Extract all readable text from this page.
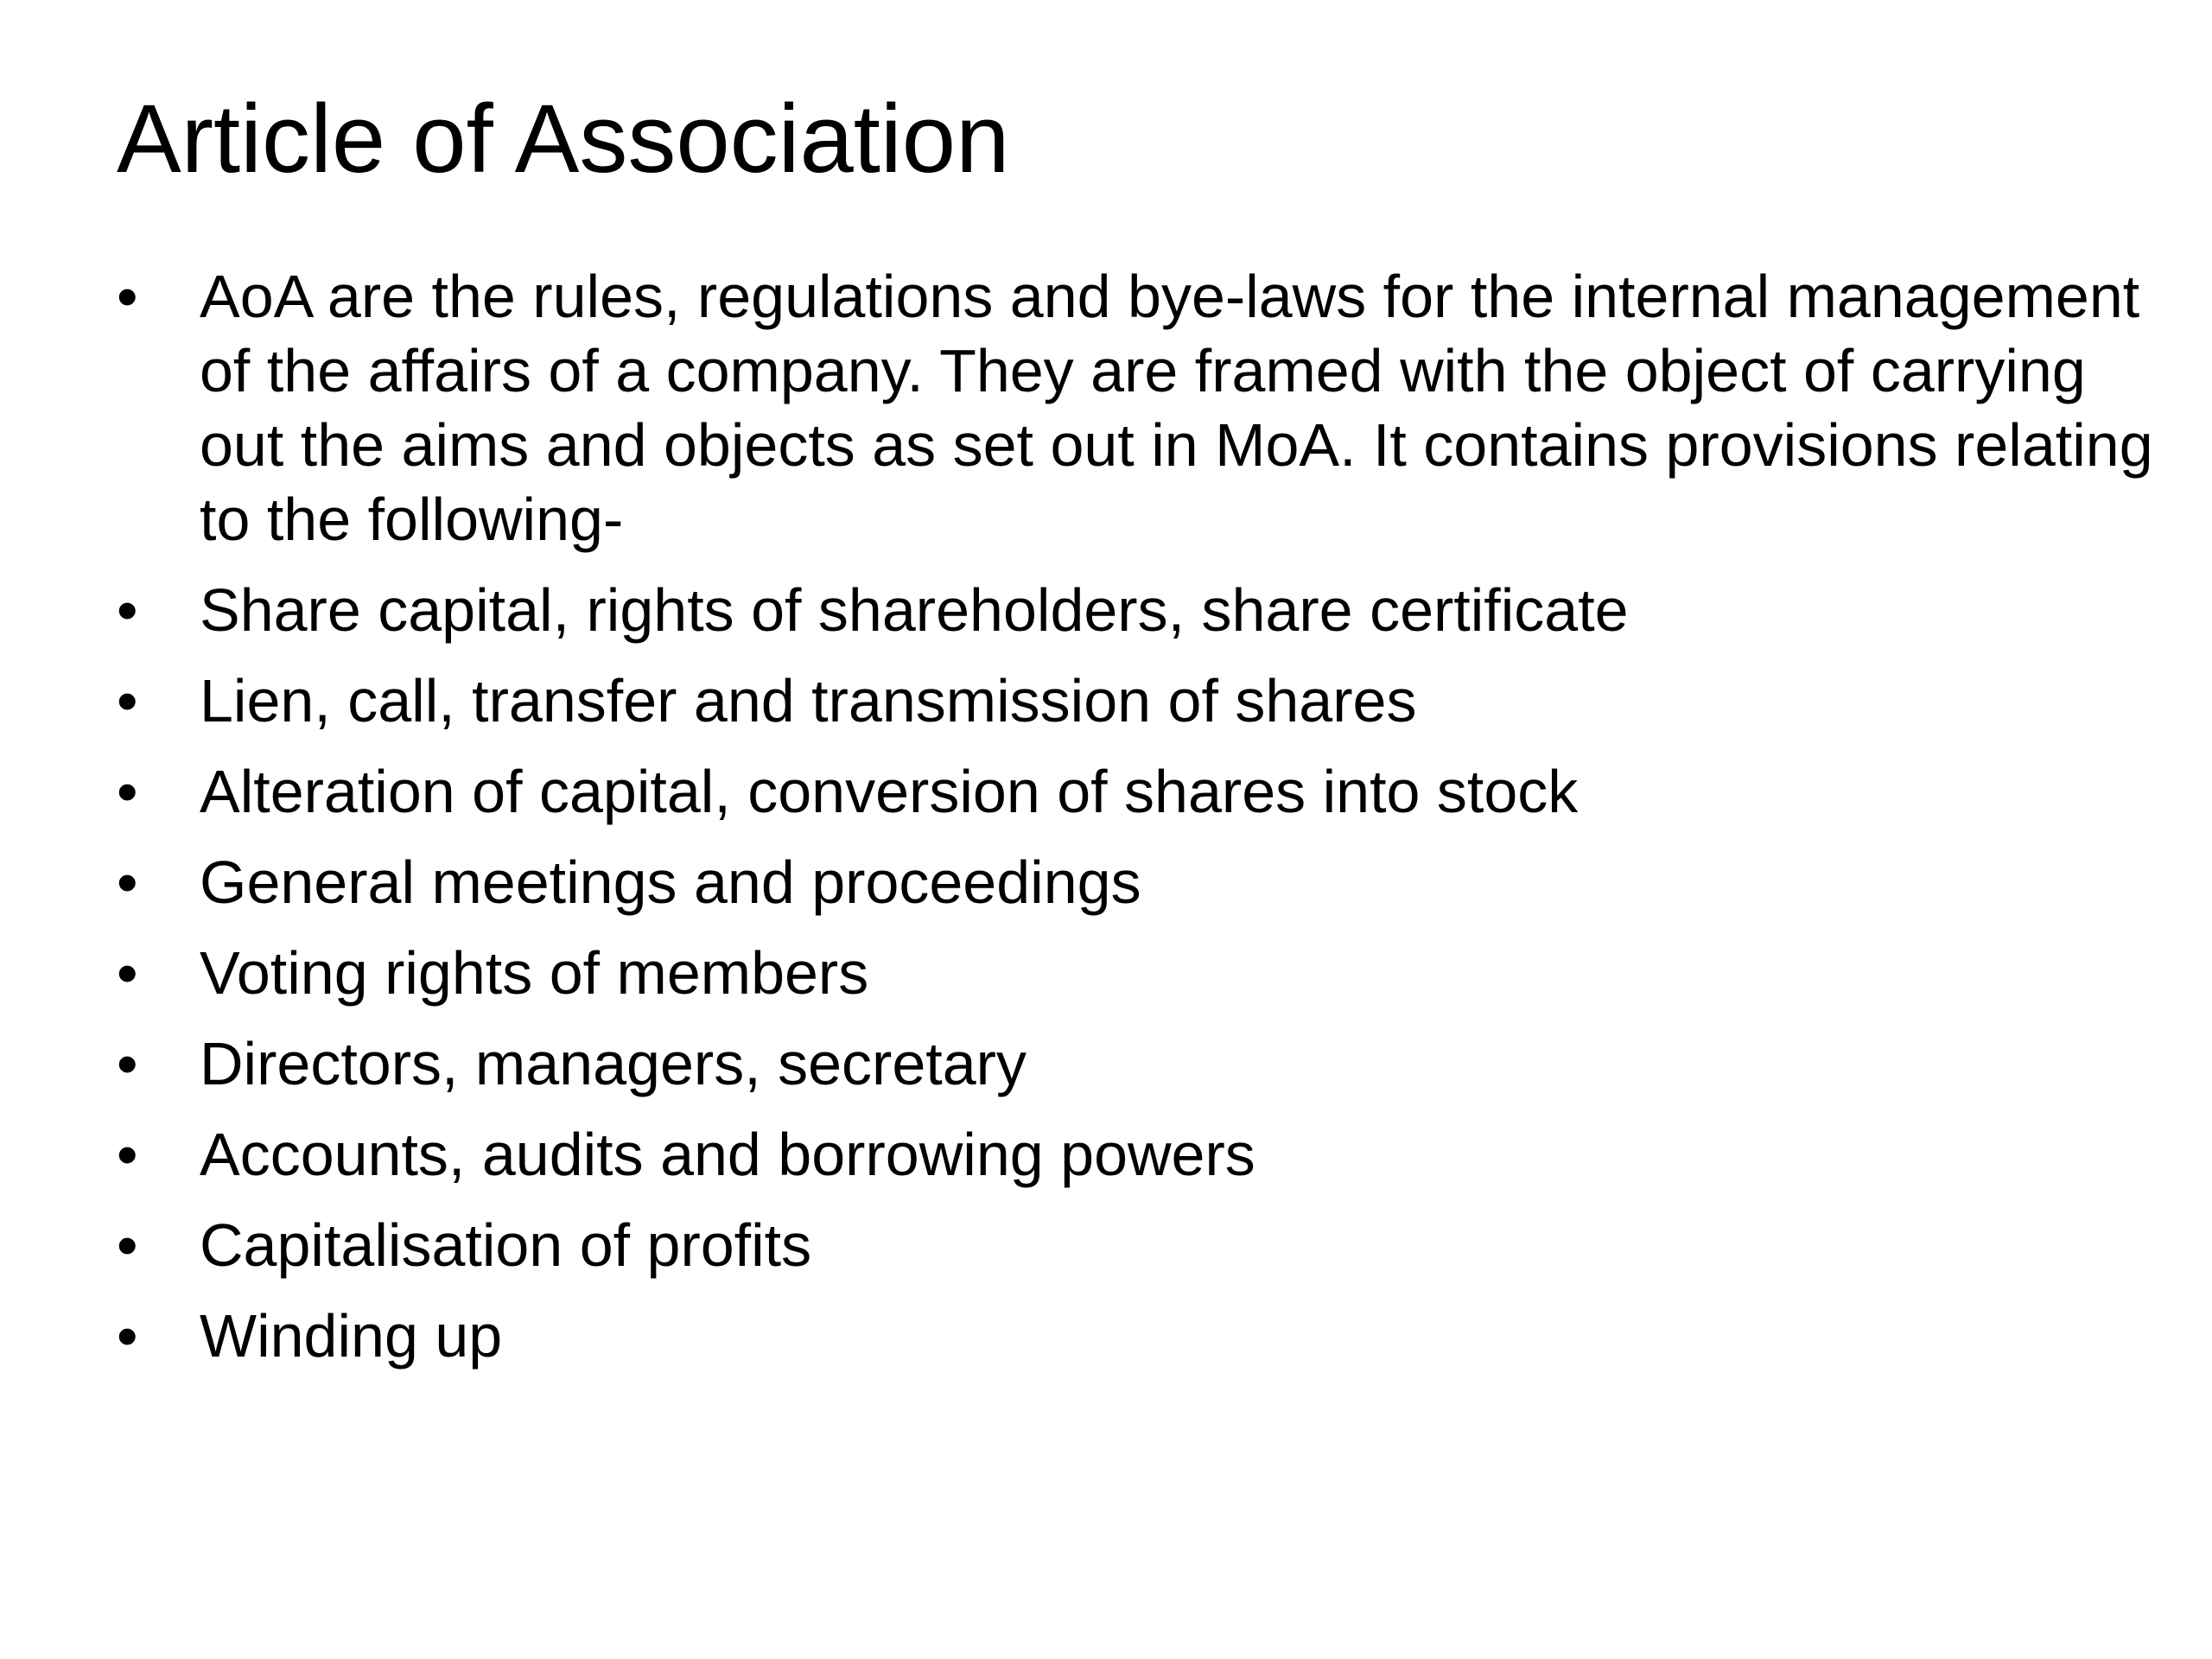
Article of Association
•	AoA are the rules, regulations and bye-laws for the internal management of the affairs of a company. They are framed with the object of carrying out the aims and objects as set out in MoA. It contains provisions relating to the following-
•	Share capital, rights of shareholders, share certificate
•	Lien, call, transfer and transmission of shares
•	Alteration of capital, conversion of shares into stock
•	General meetings and proceedings
•	Voting rights of members
•	Directors, managers, secretary
•	Accounts, audits and borrowing powers
•	Capitalisation of profits
•	Winding up
